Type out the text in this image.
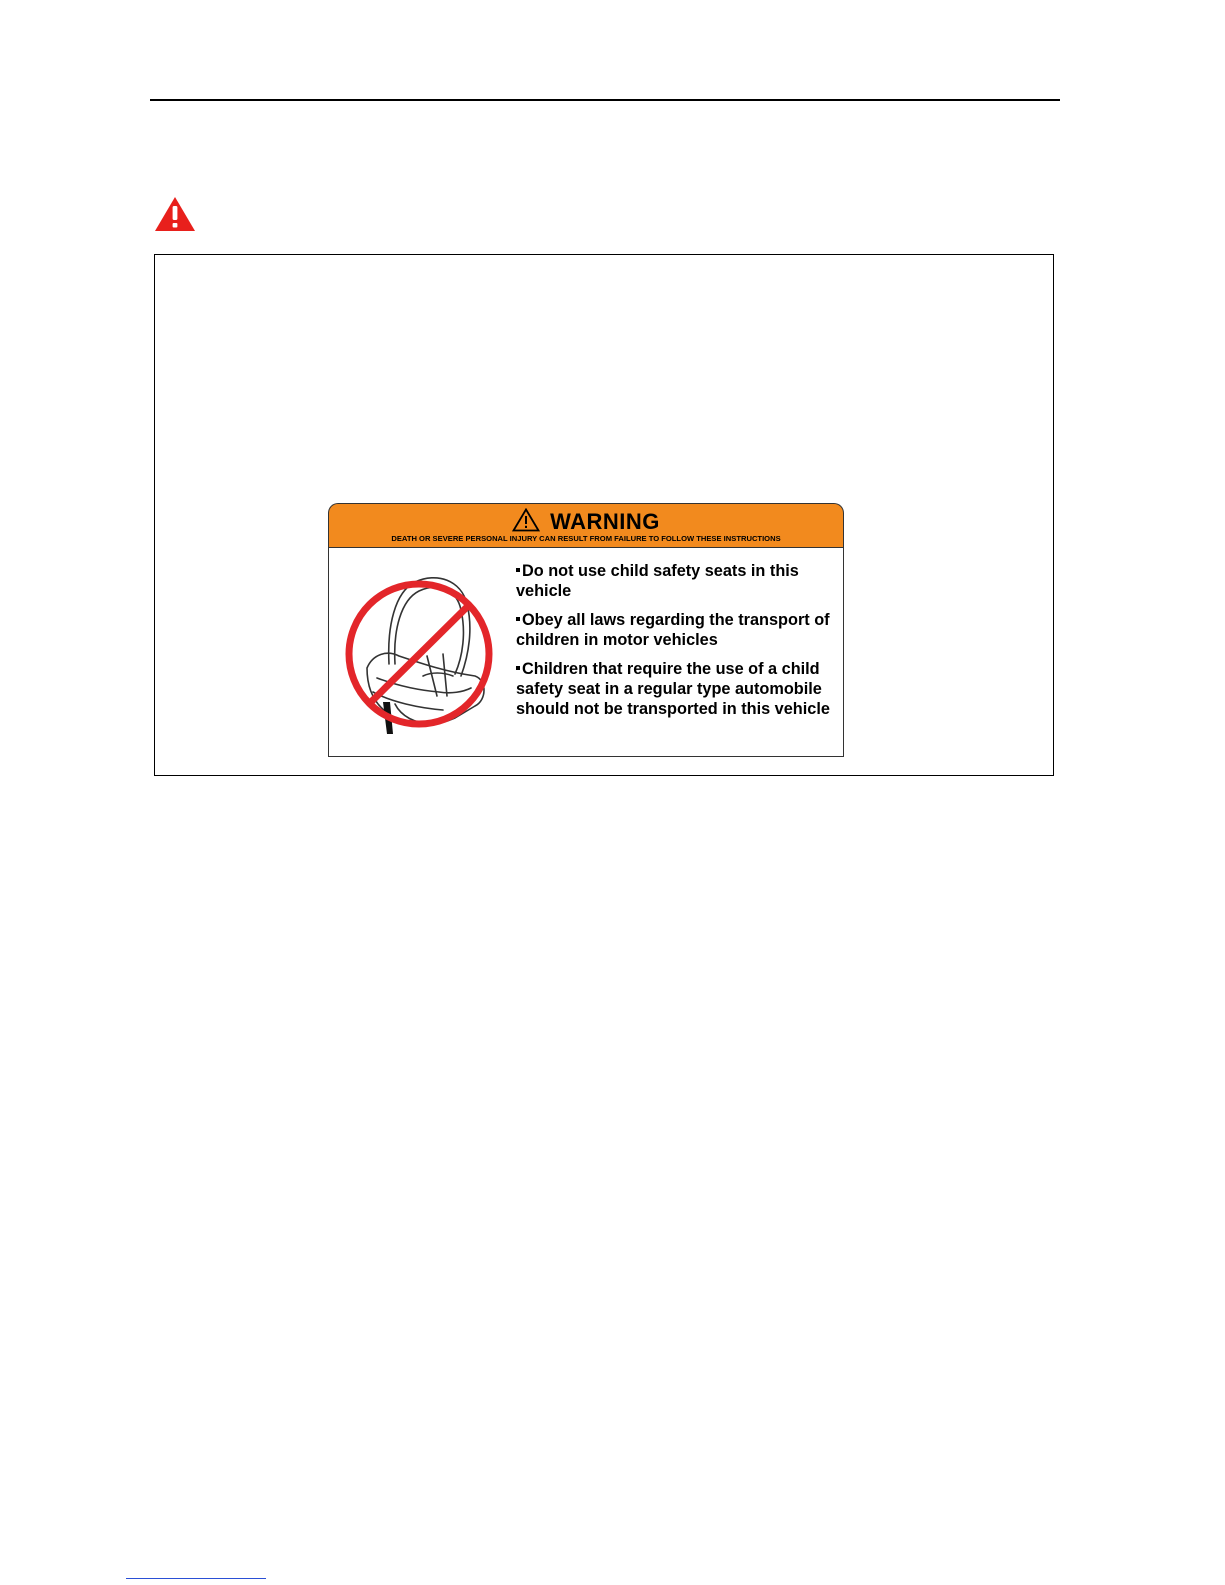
WARNING
DEATH OR SEVERE PERSONAL INJURY CAN RESULT FROM FAILURE TO FOLLOW THESE INSTRUCTIONS
Do not use child safety seats in this vehicle
Obey all laws regarding the transport of children in motor vehicles
Children that require the use of a child safety seat in a regular type automobile should not be transported in this vehicle
